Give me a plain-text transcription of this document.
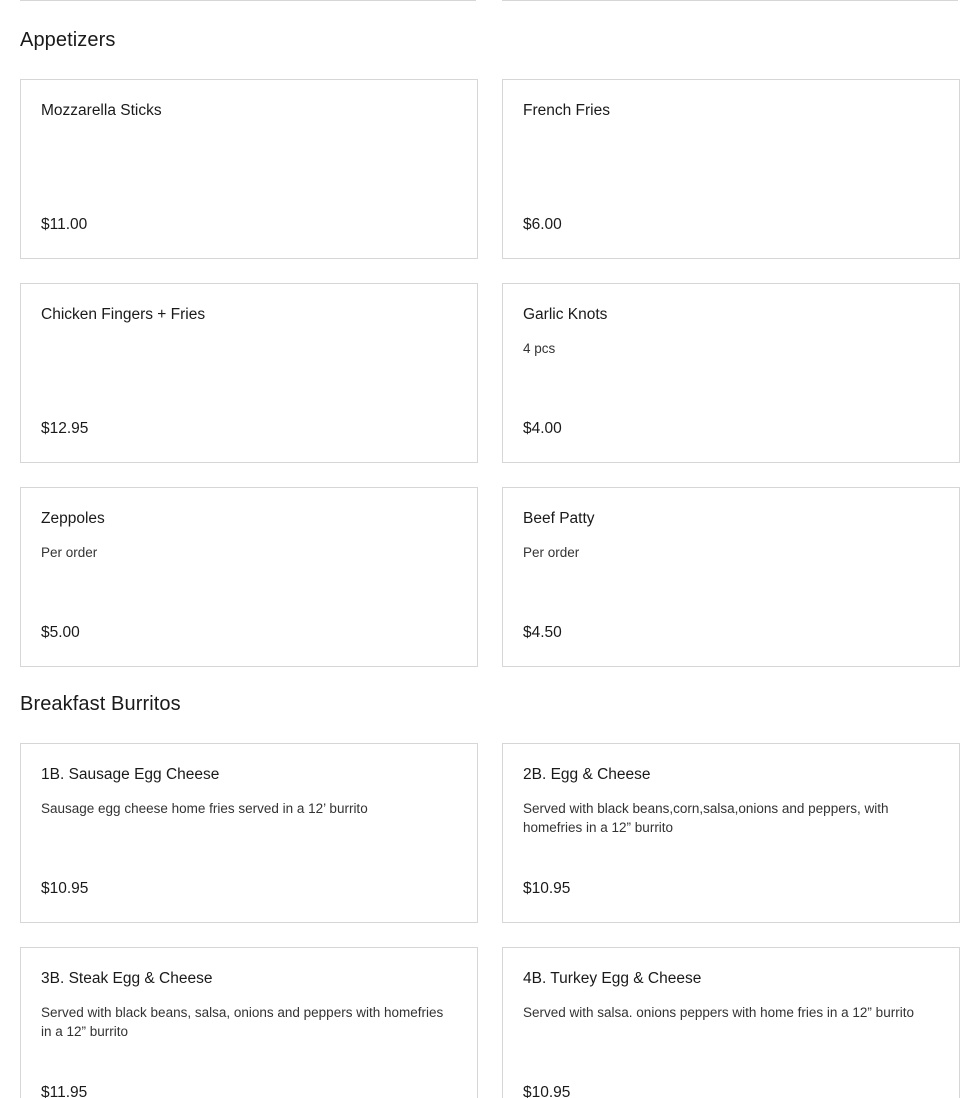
Appetizers
Mozzarella Sticks
$11.00
French Fries
$6.00
Chicken Fingers + Fries
$12.95
Garlic Knots
4 pcs
$4.00
Zeppoles
Per order
$5.00
Beef Patty
Per order
$4.50
Breakfast Burritos
1B. Sausage Egg Cheese
Sausage egg cheese home fries served in a 12’ burrito
$10.95
2B. Egg & Cheese
Served with black beans,corn,salsa,onions and peppers, with homefries in a 12” burrito
$10.95
3B. Steak Egg & Cheese
Served with black beans, salsa, onions and peppers with homefries in a 12” burrito
$11.95
4B. Turkey Egg & Cheese
Served with salsa. onions peppers with home fries in a 12” burrito
$10.95
